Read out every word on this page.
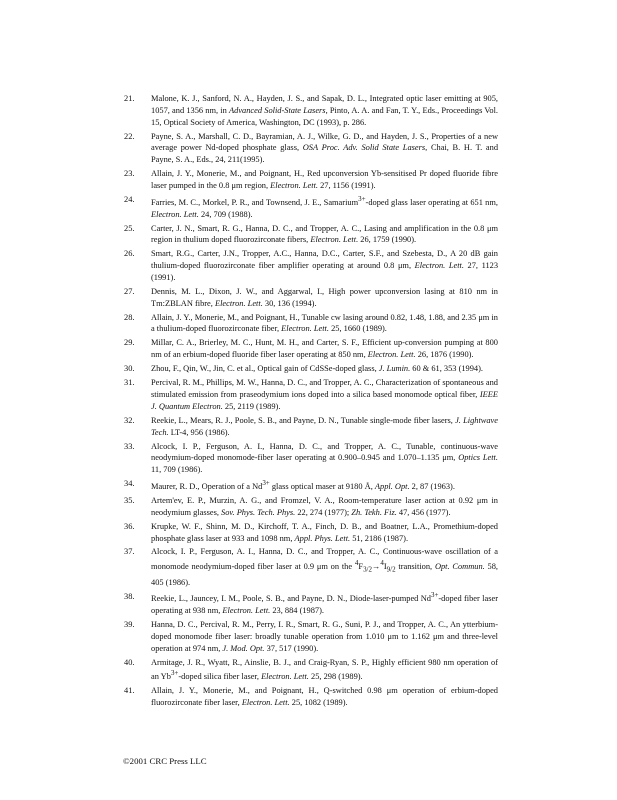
21. Malone, K. J., Sanford, N. A., Hayden, J. S., and Sapak, D. L., Integrated optic laser emitting at 905, 1057, and 1356 nm, in Advanced Solid-State Lasers, Pinto, A. A. and Fan, T. Y., Eds., Proceedings Vol. 15, Optical Society of America, Washington, DC (1993), p. 286.
22. Payne, S. A., Marshall, C. D., Bayramian, A. J., Wilke, G. D., and Hayden, J. S., Properties of a new average power Nd-doped phosphate glass, OSA Proc. Adv. Solid State Lasers, Chai, B. H. T. and Payne, S. A., Eds., 24, 211(1995).
23. Allain, J. Y., Monerie, M., and Poignant, H., Red upconversion Yb-sensitised Pr doped fluoride fibre laser pumped in the 0.8 μm region, Electron. Lett. 27, 1156 (1991).
24. Farries, M. C., Morkel, P. R., and Townsend, J. E., Samarium$^{3+}$-doped glass laser operating at 651 nm, Electron. Lett. 24, 709 (1988).
25. Carter, J. N., Smart, R. G., Hanna, D. C., and Tropper, A. C., Lasing and amplification in the 0.8 μm region in thulium doped fluorozirconate fibers, Electron. Lett. 26, 1759 (1990).
26. Smart, R.G., Carter, J.N., Tropper, A.C., Hanna, D.C., Carter, S.F., and Szebesta, D., A 20 dB gain thulium-doped fluorozirconate fiber amplifier operating at around 0.8 μm, Electron. Lett. 27, 1123 (1991).
27. Dennis, M. L., Dixon, J. W., and Aggarwal, I., High power upconversion lasing at 810 nm in Tm:ZBLAN fibre, Electron. Lett. 30, 136 (1994).
28. Allain, J. Y., Monerie, M., and Poignant, H., Tunable cw lasing around 0.82, 1.48, 1.88, and 2.35 μm in a thulium-doped fluorozirconate fiber, Electron. Lett. 25, 1660 (1989).
29. Millar, C. A., Brierley, M. C., Hunt, M. H., and Carter, S. F., Efficient up-conversion pumping at 800 nm of an erbium-doped fluoride fiber laser operating at 850 nm, Electron. Lett. 26, 1876 (1990).
30. Zhou, F., Qin, W., Jin, C. et al., Optical gain of CdSSe-doped glass, J. Lumin. 60 & 61, 353 (1994).
31. Percival, R. M., Phillips, M. W., Hanna, D. C., and Tropper, A. C., Characterization of spontaneous and stimulated emission from praseodymium ions doped into a silica based monomode optical fiber, IEEE J. Quantum Electron. 25, 2119 (1989).
32. Reekie, L., Mears, R. J., Poole, S. B., and Payne, D. N., Tunable single-mode fiber lasers, J. Lightwave Tech. LT-4, 956 (1986).
33. Alcock, I. P., Ferguson, A. I., Hanna, D. C., and Tropper, A. C., Tunable, continuous-wave neodymium-doped monomode-fiber laser operating at 0.900–0.945 and 1.070–1.135 μm, Optics Lett. 11, 709 (1986).
34. Maurer, R. D., Operation of a $Nd^{3+}$ glass optical maser at 9180 Å, Appl. Opt. 2, 87 (1963).
35. Artem'ev, E. P., Murzin, A. G., and Fromzel, V. A., Room-temperature laser action at 0.92 μm in neodymium glasses, Sov. Phys. Tech. Phys. 22, 274 (1977); Zh. Tekh. Fiz. 47, 456 (1977).
36. Krupke, W. F., Shinn, M. D., Kirchoff, T. A., Finch, D. B., and Boatner, L.A., Promethium-doped phosphate glass laser at 933 and 1098 nm, Appl. Phys. Lett. 51, 2186 (1987).
37. Alcock, I. P., Ferguson, A. I., Hanna, D. C., and Tropper, A. C., Continuous-wave oscillation of a monomode neodymium-doped fiber laser at 0.9 μm on the $^4F_{3/2}\to^4I_{9/2}$ transition, Opt. Commun. 58, 405 (1986).
38. Reekie, L., Jauncey, I. M., Poole, S. B., and Payne, D. N., Diode-laser-pumped $Nd^{3+}$-doped fiber laser operating at 938 nm, Electron. Lett. 23, 884 (1987).
39. Hanna, D. C., Percival, R. M., Perry, I. R., Smart, R. G., Suni, P. J., and Tropper, A. C., An ytterbium-doped monomode fiber laser: broadly tunable operation from 1.010 μm to 1.162 μm and three-level operation at 974 nm, J. Mod. Opt. 37, 517 (1990).
40. Armitage, J. R., Wyatt, R., Ainslie, B. J., and Craig-Ryan, S. P., Highly efficient 980 nm operation of an $Yb^{3+}$-doped silica fiber laser, Electron. Lett. 25, 298 (1989).
41. Allain, J. Y., Monerie, M., and Poignant, H., Q-switched 0.98 μm operation of erbium-doped fluorozirconate fiber laser, Electron. Lett. 25, 1082 (1989).
©2001 CRC Press LLC
